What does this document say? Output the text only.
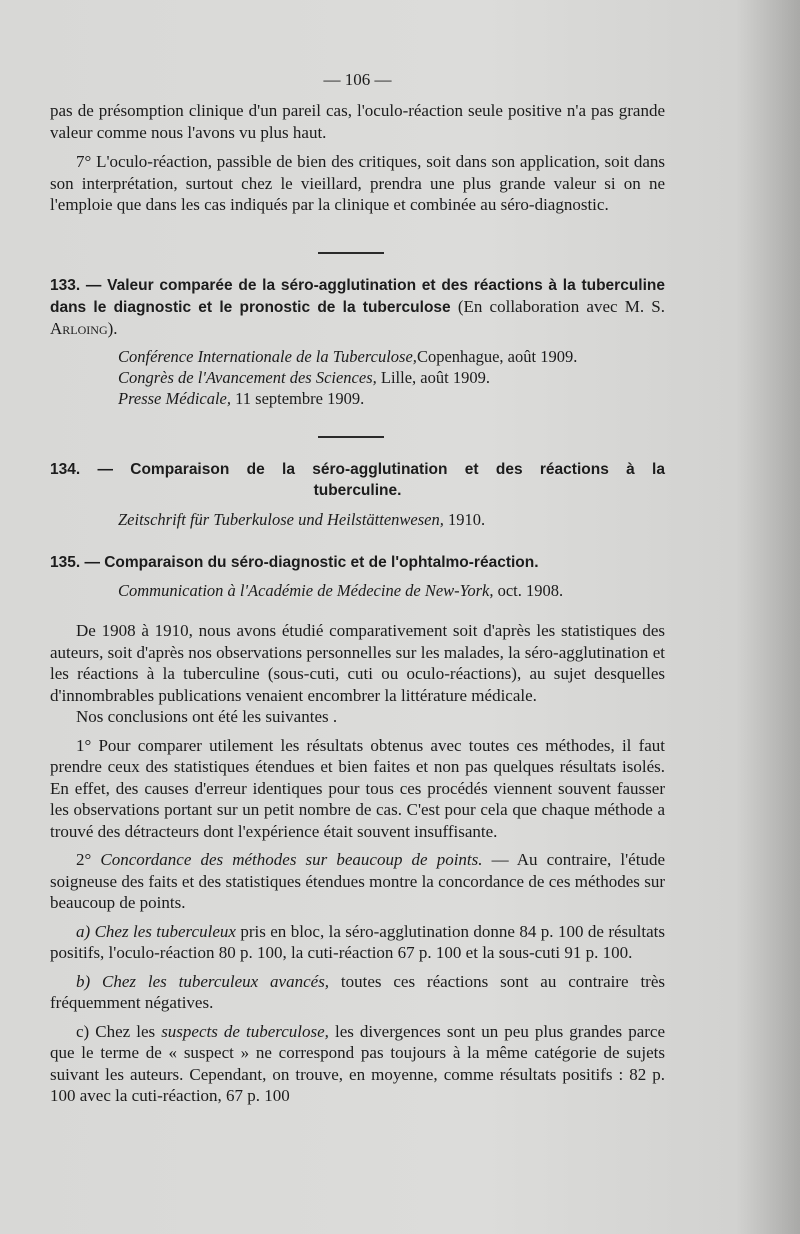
— 106 —

pas de présomption clinique d'un pareil cas, l'oculo-réaction seule positive n'a pas grande valeur comme nous l'avons vu plus haut.

7° L'oculo-réaction, passible de bien des critiques, soit dans son application, soit dans son interprétation, surtout chez le vieillard, prendra une plus grande valeur si on ne l'emploie que dans les cas indiqués par la clinique et combinée au séro-diagnostic.

133. — Valeur comparée de la séro-agglutination et des réactions à la tuberculine dans le diagnostic et le pronostic de la tuberculose (En collaboration avec M. S. Arloing).
Conférence Internationale de la Tuberculose,Copenhague, août 1909.
Congrès de l'Avancement des Sciences, Lille, août 1909.
Presse Médicale, 11 septembre 1909.
134. — Comparaison de la séro-agglutination et des réactions à la
tuberculine.
Zeitschrift für Tuberkulose und Heilstättenwesen, 1910.
135. — Comparaison du séro-diagnostic et de l'ophtalmo-réaction.
Communication à l'Académie de Médecine de New-York, oct. 1908.

De 1908 à 1910, nous avons étudié comparativement soit d'après les statistiques des auteurs, soit d'après nos observations personnelles sur les malades, la séro-agglutination et les réactions à la tuberculine (sous-cuti, cuti ou oculo-réactions), au sujet desquelles d'innombrables publications venaient encombrer la littérature médicale.

Nos conclusions ont été les suivantes .

1° Pour comparer utilement les résultats obtenus avec toutes ces méthodes, il faut prendre ceux des statistiques étendues et bien faites et non pas quelques résultats isolés. En effet, des causes d'erreur identiques pour tous ces procédés viennent souvent fausser les observations portant sur un petit nombre de cas. C'est pour cela que chaque méthode a trouvé des détracteurs dont l'expérience était souvent insuffisante.

2° Concordance des méthodes sur beaucoup de points. — Au contraire, l'étude soigneuse des faits et des statistiques étendues montre la concordance de ces méthodes sur beaucoup de points.

a) Chez les tuberculeux pris en bloc, la séro-agglutination donne 84 p. 100 de résultats positifs, l'oculo-réaction 80 p. 100, la cuti-réaction 67 p. 100 et la sous-cuti 91 p. 100.

b) Chez les tuberculeux avancés, toutes ces réactions sont au contraire très fréquemment négatives.

c) Chez les suspects de tuberculose, les divergences sont un peu plus grandes parce que le terme de « suspect » ne correspond pas toujours à la même catégorie de sujets suivant les auteurs. Cependant, on trouve, en moyenne, comme résultats positifs : 82 p. 100 avec la cuti-réaction, 67 p. 100
